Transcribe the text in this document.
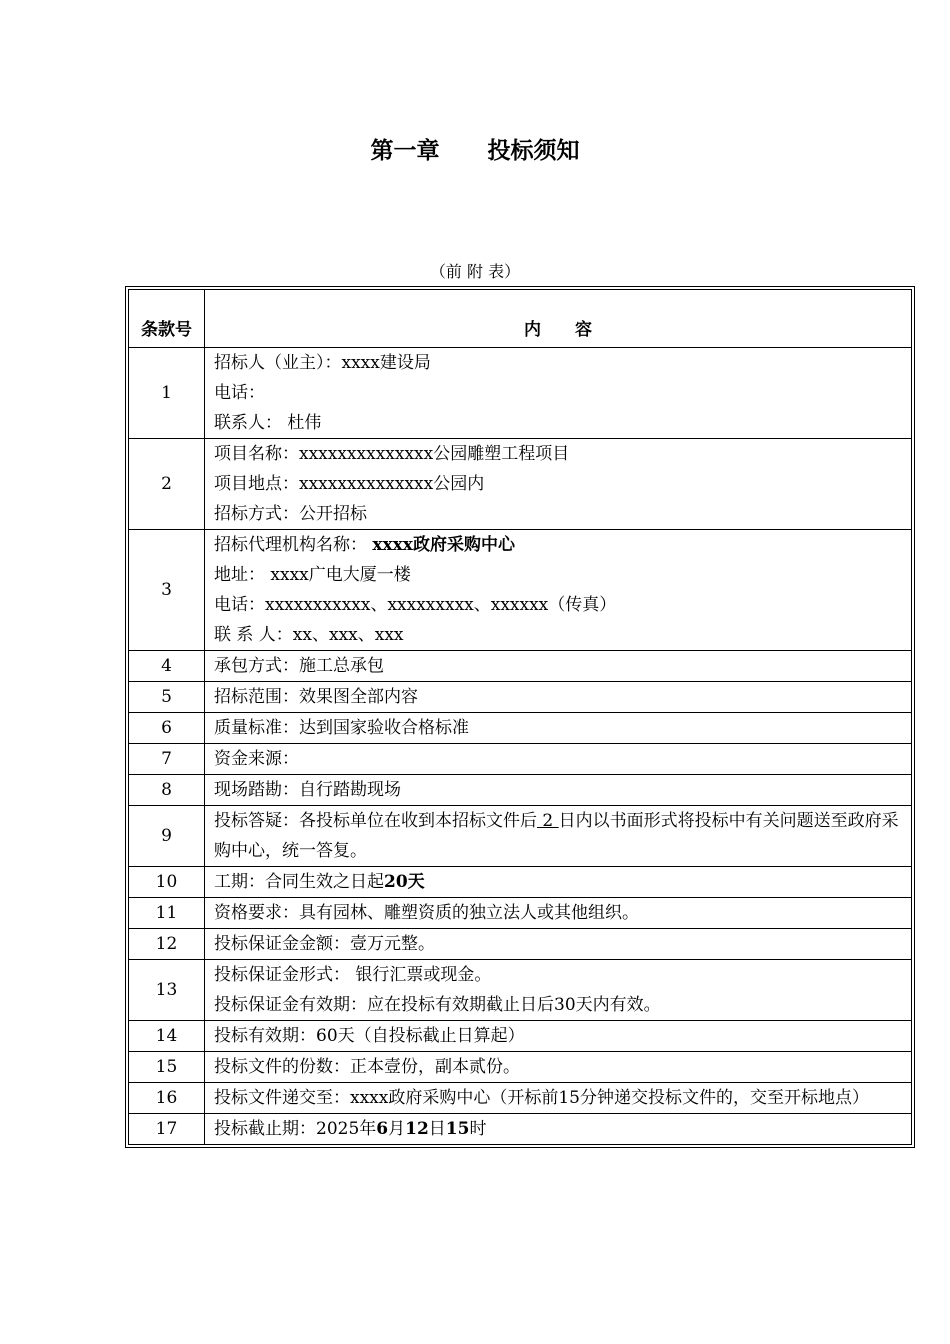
第一章      投标须知
（前 附 表）
条款号	内　　容
1	招标人（业主）：xxxx建设局
电话：
联系人： 杜伟

2	项目名称：xxxxxxxxxxxxxx公园雕塑工程项目
项目地点：xxxxxxxxxxxxxx公园内
招标方式：公开招标

3	招标代理机构名称： xxxx政府采购中心
地址： xxxx广电大厦一楼
电话：xxxxxxxxxxx、xxxxxxxxx、xxxxxx（传真）
联 系 人：xx、xxx、xxx

4	承包方式：施工总承包
5	招标范围：效果图全部内容
6	质量标准：达到国家验收合格标准
7	资金来源：
8	现场踏勘：自行踏勘现场
9	投标答疑：各投标单位在收到本招标文件后 2 日内以书面形式将投标中有关问题送至政府采购中心，统一答复。
10	工期：合同生效之日起20天
11	资格要求：具有园林、雕塑资质的独立法人或其他组织。
12	投标保证金金额：壹万元整。
13	投标保证金形式： 银行汇票或现金。
投标保证金有效期：应在投标有效期截止日后30天内有效。

14	投标有效期：60天（自投标截止日算起）
15	投标文件的份数：正本壹份，副本贰份。
16	投标文件递交至：xxxx政府采购中心（开标前15分钟递交投标文件的，交至开标地点）
17	投标截止期：2025年6月12日15时
